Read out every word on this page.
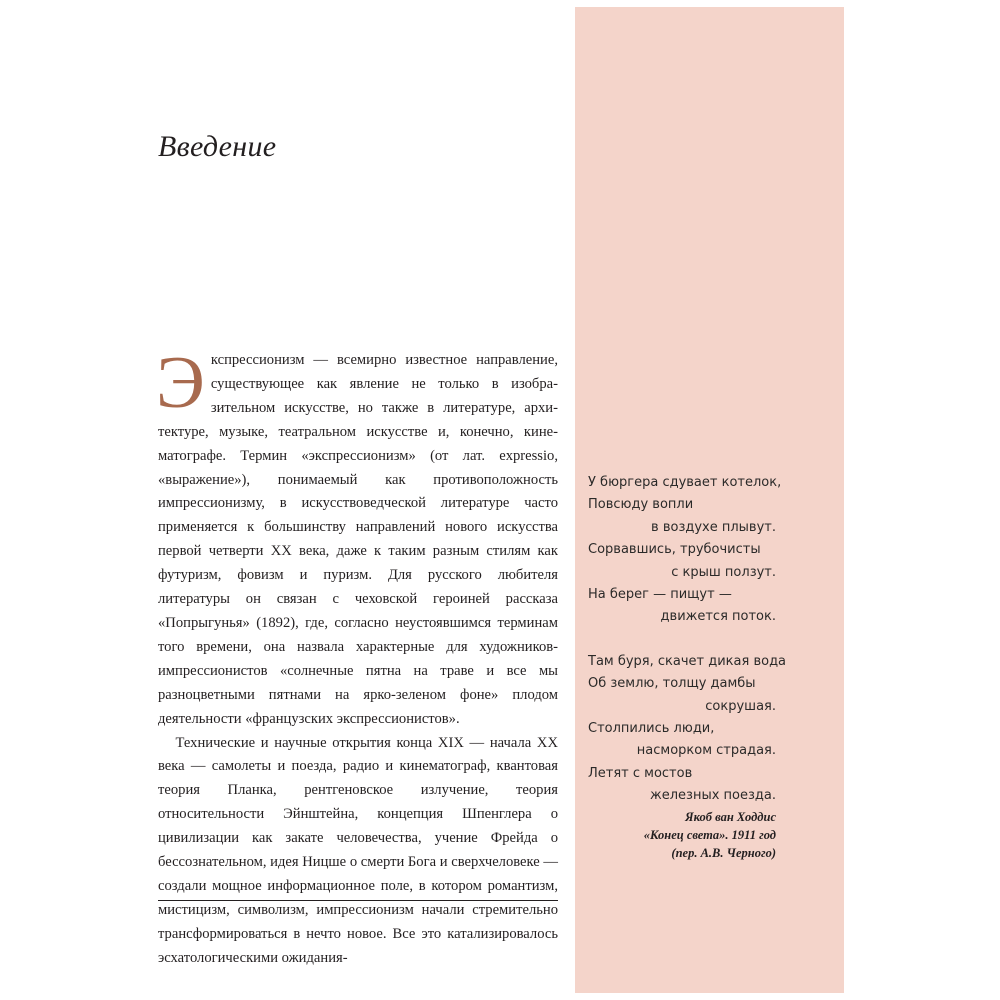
Введение

Экспрессионизм — всемирно известное направление, существующее как явление не только в изобразительном искусстве, но также в литературе, архитектуре, музыке, театральном искусстве и, конечно, кинематографе. Термин «экспрессионизм» (от лат. expressio, «выражение»), понимаемый как противоположность импрессионизму, в искусствоведческой литературе часто применяется к большинству направлений нового искусства первой четверти XX века, даже к таким разным стилям как футуризм, фовизм и пуризм. Для русского любителя литературы он связан с чеховской героиней рассказа «Попрыгунья» (1892), где, согласно неустоявшимся терминам того времени, она назвала характерные для художников-импрессионистов «солнечные пятна на траве и все мы разноцветными пятнами на ярко-зеленом фоне» плодом деятельности «французских экспрессионистов».

Технические и научные открытия конца XIX — начала XX века — самолеты и поезда, радио и кинематограф, квантовая теория Планка, рентгеновское излучение, теория относительности Эйнштейна, концепция Шпенглера о цивилизации как закате человечества, учение Фрейда о бессознательном, идея Ницше о смерти Бога и сверхчеловеке — создали мощное информационное поле, в котором романтизм, мистицизм, символизм, импрессионизм начали стремительно трансформироваться в нечто новое. Все это катализировалось эсхатологическими ожидания-

У бюргера сдувает котелок,
Повсюду вопли
в воздухе плывут.
Сорвавшись, трубочисты
с крыш ползут.
На берег — пищут —
движется поток.
Там буря, скачет дикая вода
Об землю, толщу дамбы
сокрушая.
Столпились люди,
насморком страдая.
Летят с мостов
железных поезда.
Якоб ван Ходдис
«Конец света». 1911 год
(пер. А.В. Черного)
